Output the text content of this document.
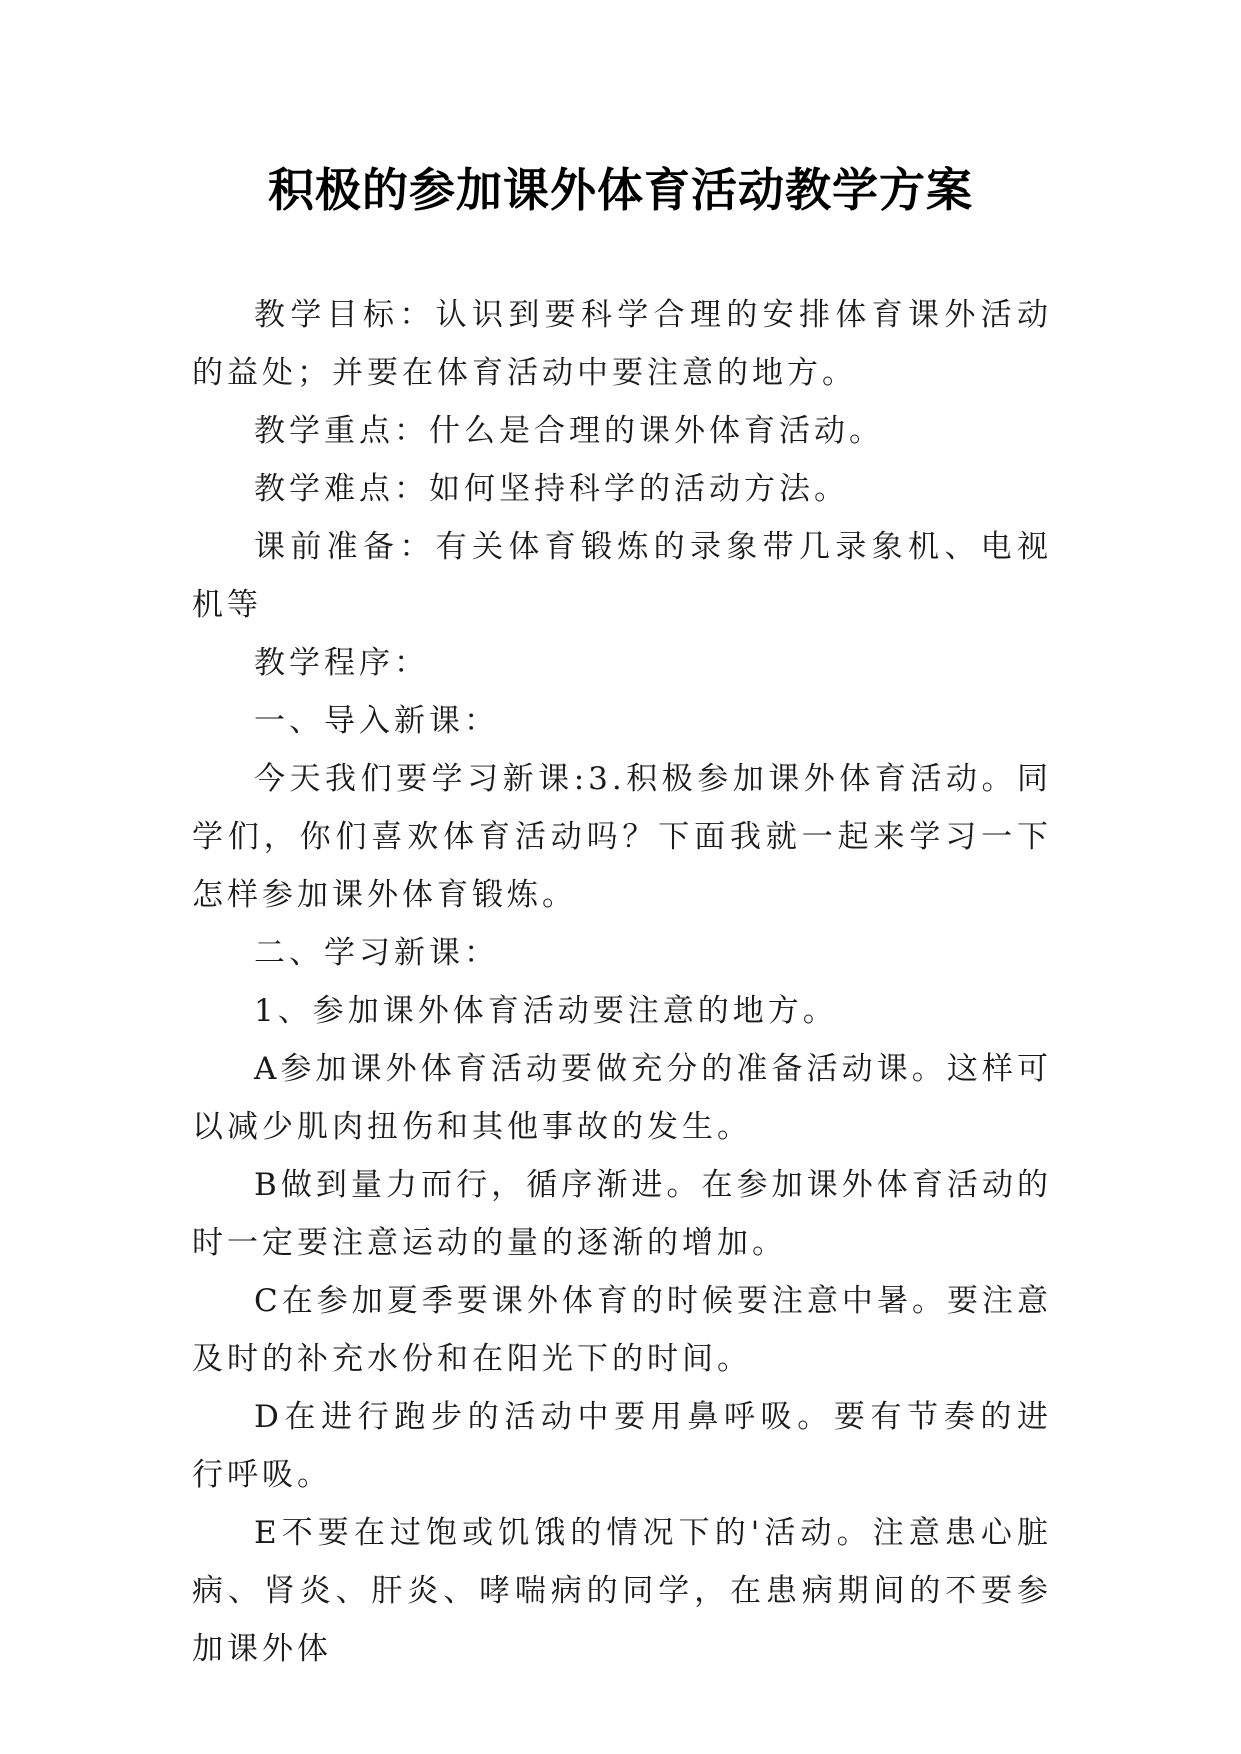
积极的参加课外体育活动教学方案

教学目标：认识到要科学合理的安排体育课外活动的益处；并要在体育活动中要注意的地方。

教学重点：什么是合理的课外体育活动。

教学难点：如何坚持科学的活动方法。

课前准备：有关体育锻炼的录象带几录象机、电视机等

教学程序：

一、导入新课：

今天我们要学习新课:3.积极参加课外体育活动。同学们，你们喜欢体育活动吗？下面我就一起来学习一下怎样参加课外体育锻炼。

二、学习新课：

1、参加课外体育活动要注意的地方。

A参加课外体育活动要做充分的准备活动课。这样可以减少肌肉扭伤和其他事故的发生。

B做到量力而行，循序渐进。在参加课外体育活动的时一定要注意运动的量的逐渐的增加。

C在参加夏季要课外体育的时候要注意中暑。要注意及时的补充水份和在阳光下的时间。

D在进行跑步的活动中要用鼻呼吸。要有节奏的进行呼吸。

E不要在过饱或饥饿的情况下的'活动。注意患心脏病、肾炎、肝炎、哮喘病的同学，在患病期间的不要参加课外体
